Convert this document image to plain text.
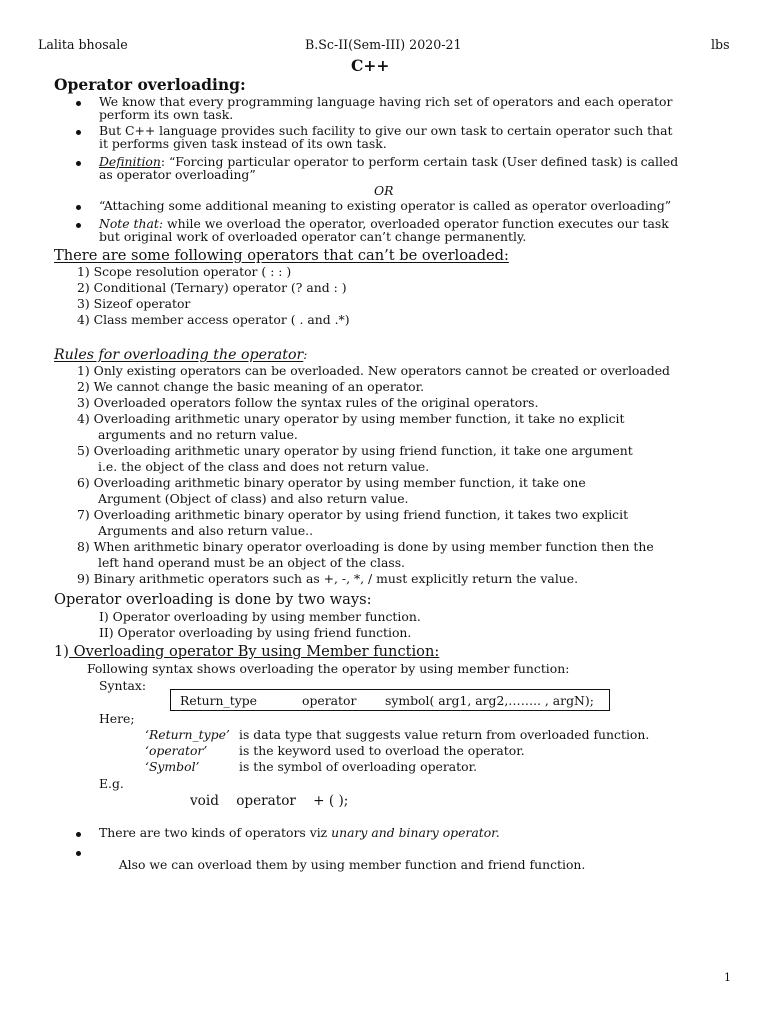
Lalita bhosale	B.Sc-II(Sem-III) 2020-21	lbs
C++
Operator overloading:
We know that every programming language having rich set of operators and each operator
perform its own task.
But C++ language provides such facility to give our own task to certain operator such that
it performs given task instead of its own task.
Definition: “Forcing particular operator to perform certain task (User defined task) is called
as operator overloading”
OR
“Attaching some additional meaning to existing operator is called as operator overloading”
Note that: while we overload the operator, overloaded operator function executes our task
but original work of overloaded operator can’t change permanently.
There are some following operators that can’t be overloaded:
1) Scope resolution operator ( : : )
2) Conditional (Ternary) operator (? and : )
3) Sizeof operator
4) Class member access operator ( . and .*)
Rules for overloading the operator:
1) Only existing operators can be overloaded. New operators cannot be created or overloaded
2) We cannot change the basic meaning of an operator.
3) Overloaded operators follow the syntax rules of the original operators.
4) Overloading arithmetic unary operator by using member function, it take no explicit
arguments and no return value.
5) Overloading arithmetic unary operator by using friend function, it take one argument
i.e. the object of the class and does not return value.
6) Overloading arithmetic binary operator by using member function, it take one
Argument (Object of class) and also return value.
7) Overloading arithmetic binary operator by using friend function, it takes two explicit
Arguments and also return value..
8) When arithmetic binary operator overloading is done by using member function then the
left hand operand must be an object of the class.
9) Binary arithmetic operators such as +, -, *, / must explicitly return the value.
Operator overloading is done by two ways:
I) Operator overloading by using member function.
II) Operator overloading by using friend function.
1) Overloading operator By using Member function:
Following syntax shows overloading the operator by using member function:
Syntax:
Return_type	operator symbol( arg1, arg2,…….. , argN);
Here;
‘Return_type’ is data type that suggests value return from overloaded function.
‘operator’	is the keyword used to overload the operator.
‘Symbol’	is the symbol of overloading operator.
E.g.
void    operator    + ( );
There are two kinds of operators viz unary and binary operator.

Also we can overload them by using member function and friend function.

1
